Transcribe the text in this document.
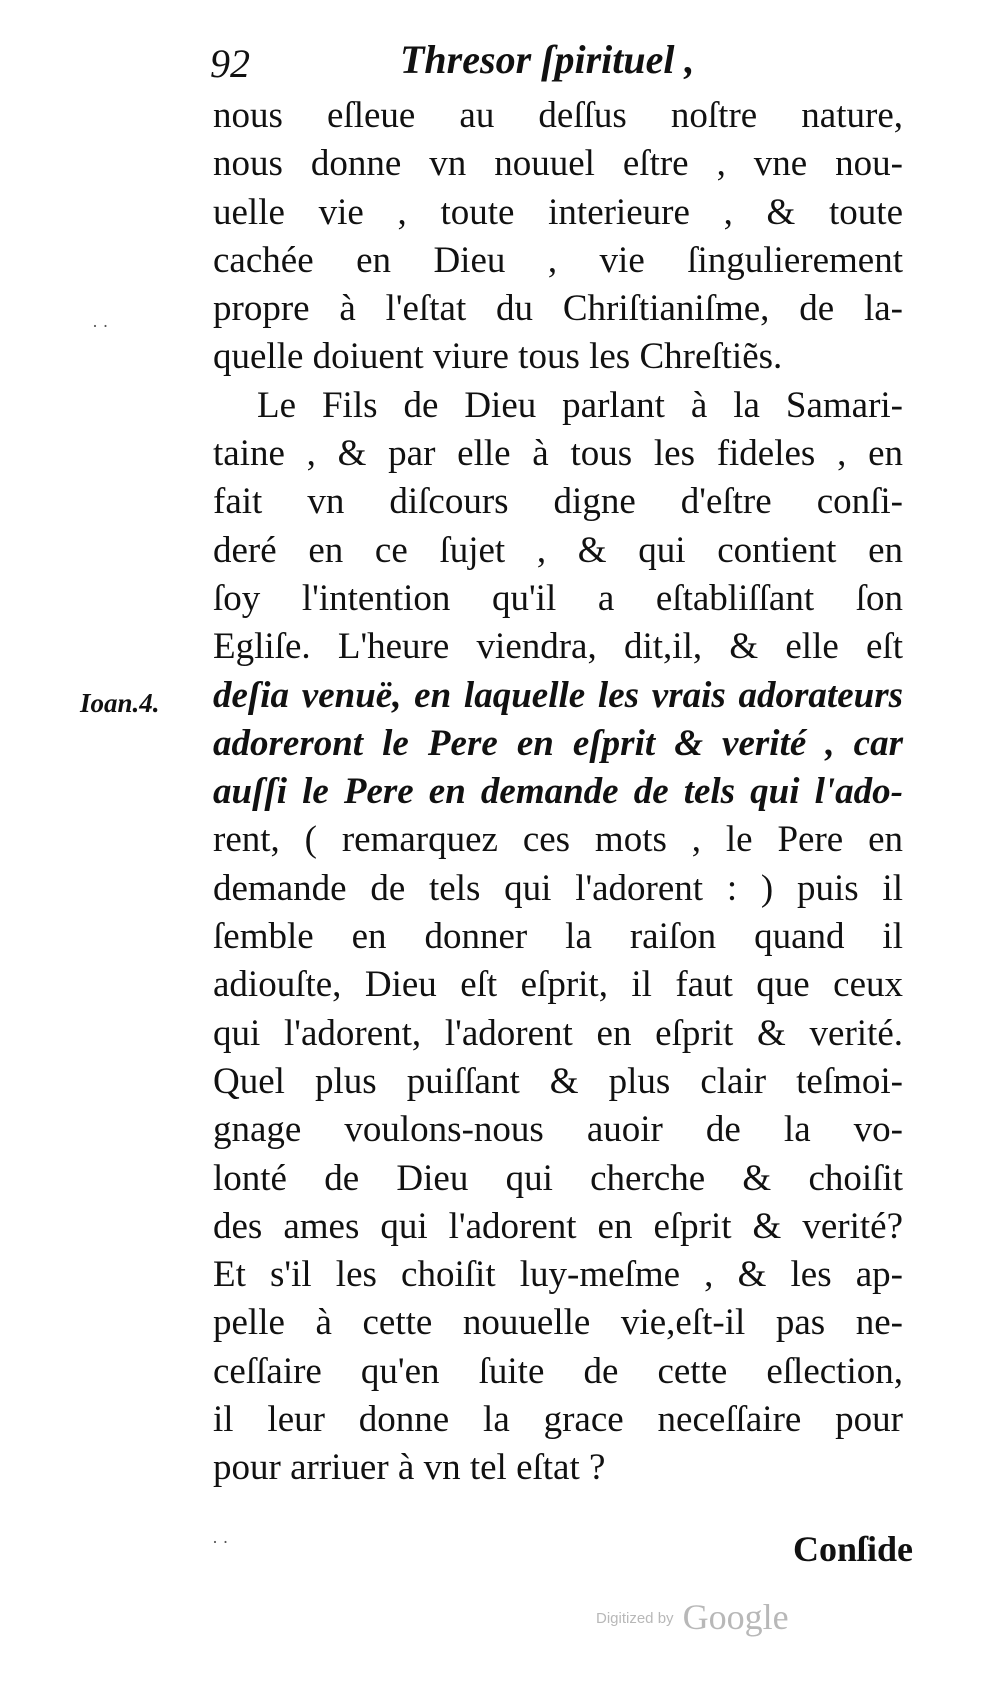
92	Thresor ſpirituel ,
· ·
nous eſleue au deſſus noſtre nature,
nous donne vn nouuel eſtre , vne nou-
uelle vie , toute interieure , & toute
cachée en Dieu , vie ſingulierement
propre à l'eſtat du Chriſtianiſme, de la-
quelle doiuent viure tous les Chreſtiẽs.
Le Fils de Dieu parlant à la Samari-
taine , & par elle à tous les fideles , en
fait vn diſcours digne d'eſtre conſi-
deré en ce ſujet , & qui contient en
ſoy l'intention qu'il a eſtabliſſant ſon
Egliſe. L'heure viendra, dit,il, & elle eſt
deſia venuë, en laquelle les vrais adorateurs
adoreront le Pere en eſprit & verité , car
auſſi le Pere en demande de tels qui l'ado-
rent, ( remarquez ces mots , le Pere en
demande de tels qui l'adorent : ) puis il
ſemble en donner la raiſon quand il
adiouſte, Dieu eſt eſprit, il faut que ceux
qui l'adorent, l'adorent en eſprit & verité.
Quel plus puiſſant & plus clair teſmoi-
gnage voulons-nous auoir de la vo-
lonté de Dieu qui cherche & choiſit
des ames qui l'adorent en eſprit & verité?
Et s'il les choiſit luy-meſme , & les ap-
pelle à cette nouuelle vie,eſt-il pas ne-
ceſſaire qu'en ſuite de cette eſlection,
il leur donne la grace neceſſaire pour
pour arriuer à vn tel eſtat ?
Ioan.4.
· ·	Conſide
Digitized by Google
